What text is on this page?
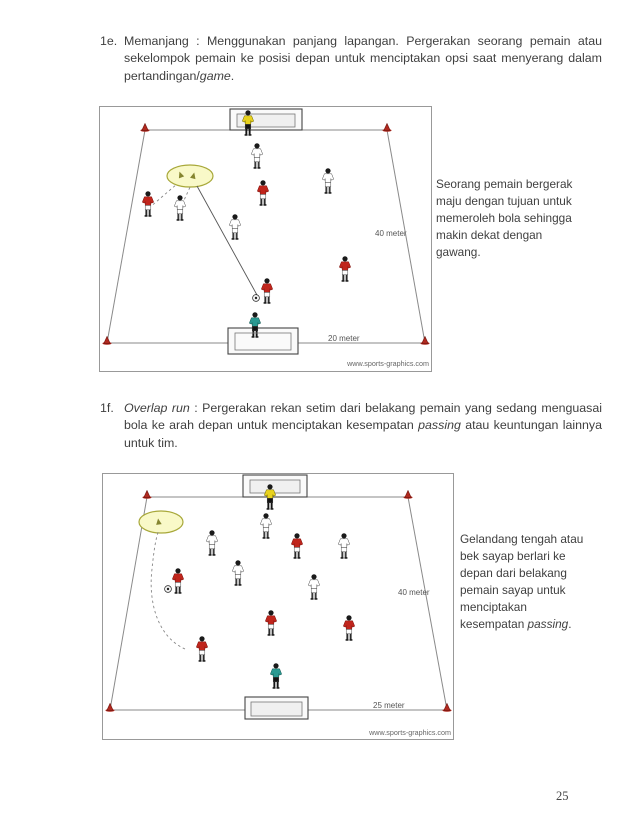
1e. Memanjang : Menggunakan panjang lapangan. Pergerakan seorang pemain atau sekelompok pemain ke posisi depan untuk menciptakan opsi saat menyerang dalam pertandingan/game.

40 meter
20 meter
www.sports-graphics.com

Seorang pemain bergerak maju dengan tujuan untuk memeroleh bola sehingga makin dekat dengan gawang.

1f. Overlap run : Pergerakan rekan setim dari belakang pemain yang sedang menguasai bola ke arah depan untuk menciptakan kesempatan passing atau keuntungan lainnya untuk tim.

40 meter
25 meter
www.sports-graphics.com

Gelandang tengah atau bek sayap berlari ke depan dari belakang pemain sayap untuk menciptakan kesempatan passing.

25
